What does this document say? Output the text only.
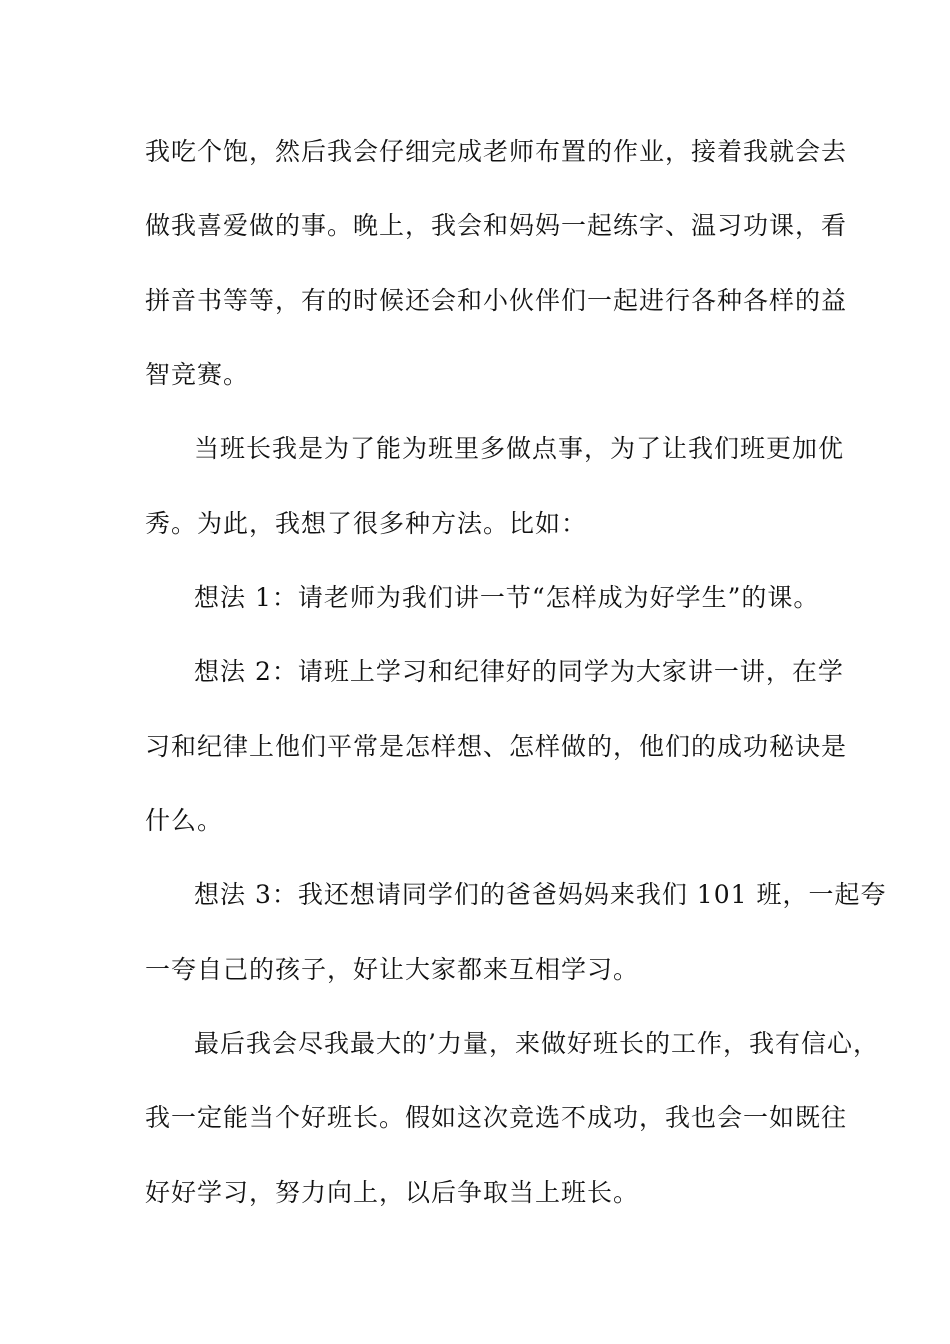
我吃个饱，然后我会仔细完成老师布置的作业，接着我就会去

做我喜爱做的事。晚上，我会和妈妈一起练字、温习功课，看

拼音书等等，有的时候还会和小伙伴们一起进行各种各样的益

智竞赛。

当班长我是为了能为班里多做点事，为了让我们班更加优

秀。为此，我想了很多种方法。比如：

想法 1：请老师为我们讲一节“怎样成为好学生”的课。

想法 2：请班上学习和纪律好的同学为大家讲一讲，在学

习和纪律上他们平常是怎样想、怎样做的，他们的成功秘诀是

什么。

想法 3：我还想请同学们的爸爸妈妈来我们 101 班，一起夸

一夸自己的孩子，好让大家都来互相学习。

最后我会尽我最大的’力量，来做好班长的工作，我有信心，

我一定能当个好班长。假如这次竞选不成功，我也会一如既往

好好学习，努力向上，以后争取当上班长。
